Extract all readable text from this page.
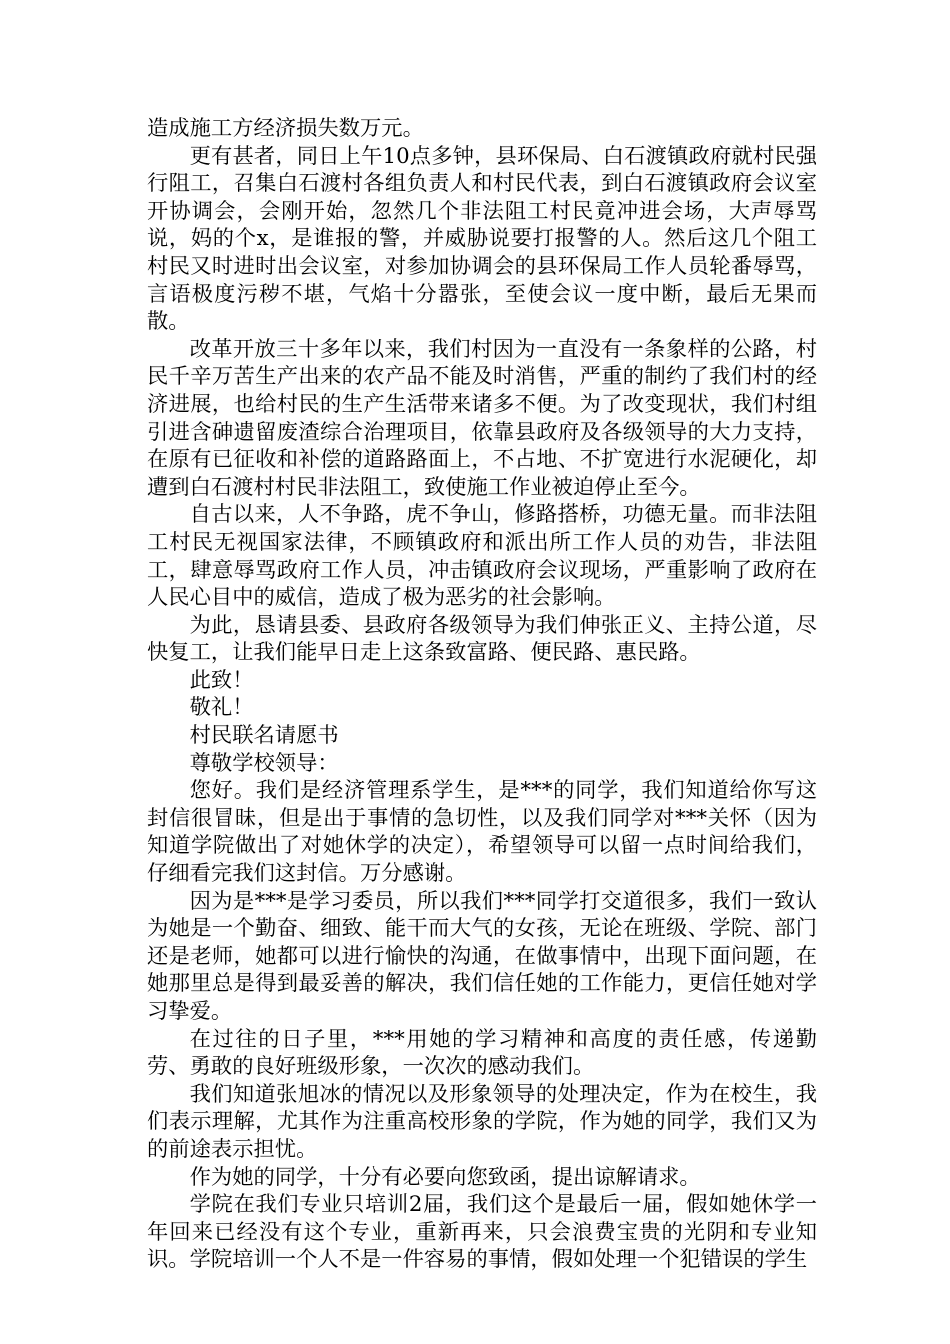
造成施工方经济损失数万元。

更有甚者，同日上午10点多钟，县环保局、白石渡镇政府就村民强行阻工，召集白石渡村各组负责人和村民代表，到白石渡镇政府会议室开协调会，会刚开始，忽然几个非法阻工村民竟冲进会场，大声辱骂说，妈的个x，是谁报的警，并威胁说要打报警的人。然后这几个阻工村民又时进时出会议室，对参加协调会的县环保局工作人员轮番辱骂，言语极度污秽不堪，气焰十分嚣张，至使会议一度中断，最后无果而散。

改革开放三十多年以来，我们村因为一直没有一条象样的公路，村民千辛万苦生产出来的农产品不能及时消售，严重的制约了我们村的经济进展，也给村民的生产生活带来诸多不便。为了改变现状，我们村组引进含砷遗留废渣综合治理项目，依靠县政府及各级领导的大力支持，在原有已征收和补偿的道路路面上，不占地、不扩宽进行水泥硬化，却遭到白石渡村村民非法阻工，致使施工作业被迫停止至今。

自古以来，人不争路，虎不争山，修路搭桥，功德无量。而非法阻工村民无视国家法律，不顾镇政府和派出所工作人员的劝告，非法阻工，肆意辱骂政府工作人员，冲击镇政府会议现场，严重影响了政府在人民心目中的威信，造成了极为恶劣的社会影响。

为此，恳请县委、县政府各级领导为我们伸张正义、主持公道，尽快复工，让我们能早日走上这条致富路、便民路、惠民路。

此致！

敬礼！

村民联名请愿书

尊敬学校领导：

您好。我们是经济管理系学生，是***的同学，我们知道给你写这封信很冒昧，但是出于事情的急切性，以及我们同学对***关怀（因为知道学院做出了对她休学的决定），希望领导可以留一点时间给我们，仔细看完我们这封信。万分感谢。

因为是***是学习委员，所以我们***同学打交道很多，我们一致认为她是一个勤奋、细致、能干而大气的女孩，无论在班级、学院、部门还是老师，她都可以进行愉快的沟通，在做事情中，出现下面问题，在她那里总是得到最妥善的解决，我们信任她的工作能力，更信任她对学习挚爱。

在过往的日子里，***用她的学习精神和高度的责任感，传递勤劳、勇敢的良好班级形象，一次次的感动我们。

我们知道张旭冰的情况以及形象领导的处理决定，作为在校生，我们表示理解，尤其作为注重高校形象的学院，作为她的同学，我们又为的前途表示担忧。

作为她的同学，十分有必要向您致函，提出谅解请求。

学院在我们专业只培训2届，我们这个是最后一届，假如她休学一年回来已经没有这个专业，重新再来，只会浪费宝贵的光阴和专业知识。学院培训一个人不是一件容易的事情，假如处理一个犯错误的学生
